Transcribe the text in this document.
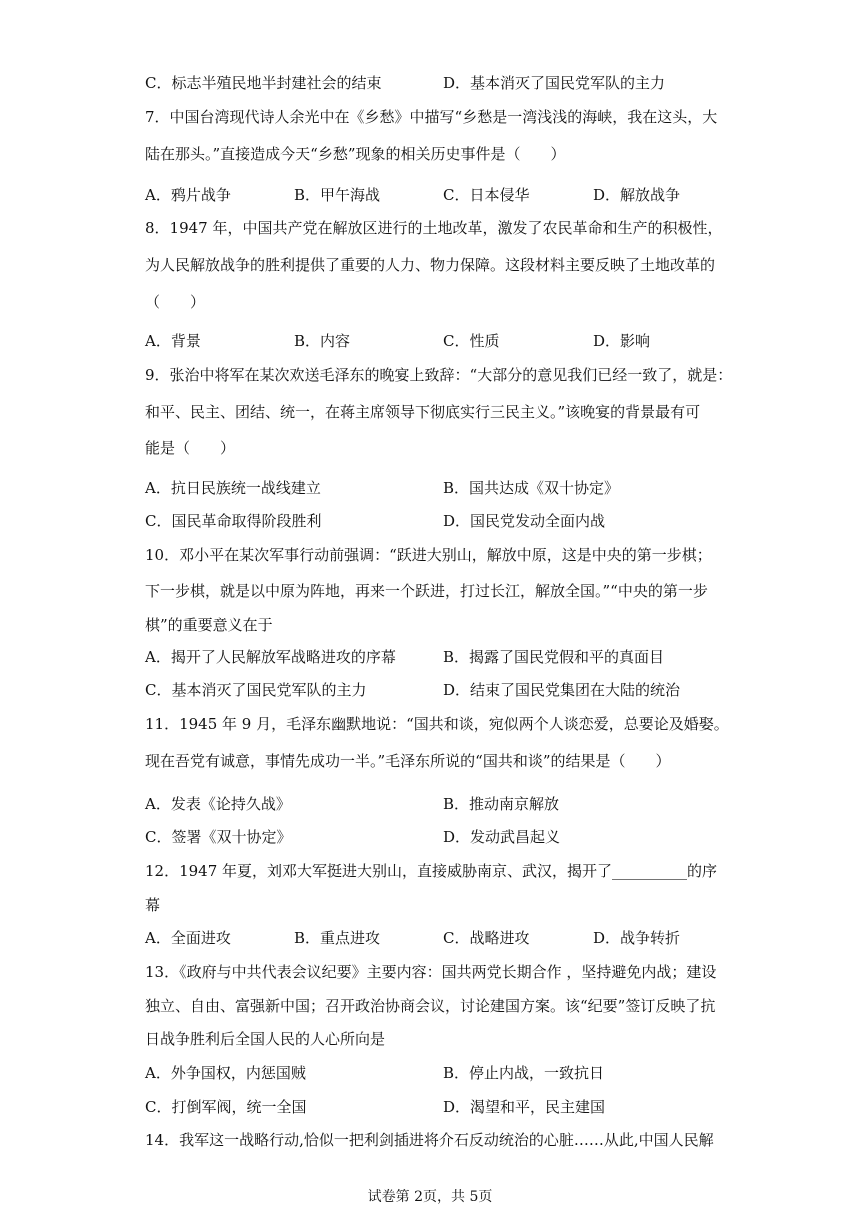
C．标志半殖民地半封建社会的结束	D．基本消灭了国民党军队的主力
7．中国台湾现代诗人余光中在《乡愁》中描写“乡愁是一湾浅浅的海峡，我在这头，大
陆在那头。”直接造成今天“乡愁”现象的相关历史事件是（　　）
A．鸦片战争	B．甲午海战	C．日本侵华	D．解放战争
8．1947 年，中国共产党在解放区进行的土地改革，激发了农民革命和生产的积极性，
为人民解放战争的胜利提供了重要的人力、物力保障。这段材料主要反映了土地改革的
（　　）
A．背景	B．内容	C．性质	D．影响
9．张治中将军在某次欢送毛泽东的晚宴上致辞：“大部分的意见我们已经一致了，就是：
和平、民主、团结、统一，在蒋主席领导下彻底实行三民主义。”该晚宴的背景最有可
能是（　　）
A．抗日民族统一战线建立	B．国共达成《双十协定》
C．国民革命取得阶段胜利	D．国民党发动全面内战
10．邓小平在某次军事行动前强调：“跃进大别山，解放中原，这是中央的第一步棋；
下一步棋，就是以中原为阵地，再来一个跃进，打过长江，解放全国。”“中央的第一步
棋”的重要意义在于
A．揭开了人民解放军战略进攻的序幕	B．揭露了国民党假和平的真面目
C．基本消灭了国民党军队的主力	D．结束了国民党集团在大陆的统治
11．1945 年 9 月，毛泽东幽默地说：“国共和谈，宛似两个人谈恋爱，总要论及婚娶。
现在吾党有诚意，事情先成功一半。”毛泽东所说的“国共和谈”的结果是（　　）
A．发表《论持久战》	B．推动南京解放
C．签署《双十协定》	D．发动武昌起义
12．1947 年夏，刘邓大军挺进大别山，直接威胁南京、武汉，揭开了__________的序
幕
A．全面进攻	B．重点进攻	C．战略进攻	D．战争转折
13．《政府与中共代表会议纪要》主要内容：国共两党长期合作 ，坚持避免内战；建设
独立、自由、富强新中国；召开政治协商会议，讨论建国方案。该“纪要”签订反映了抗
日战争胜利后全国人民的人心所向是
A．外争国权，内惩国贼	B．停止内战，一致抗日
C．打倒军阀，统一全国	D．渴望和平，民主建国
14．我军这一战略行动,恰似一把利剑插进将介石反动统治的心脏……从此,中国人民解
试卷第 2页，共 5页
